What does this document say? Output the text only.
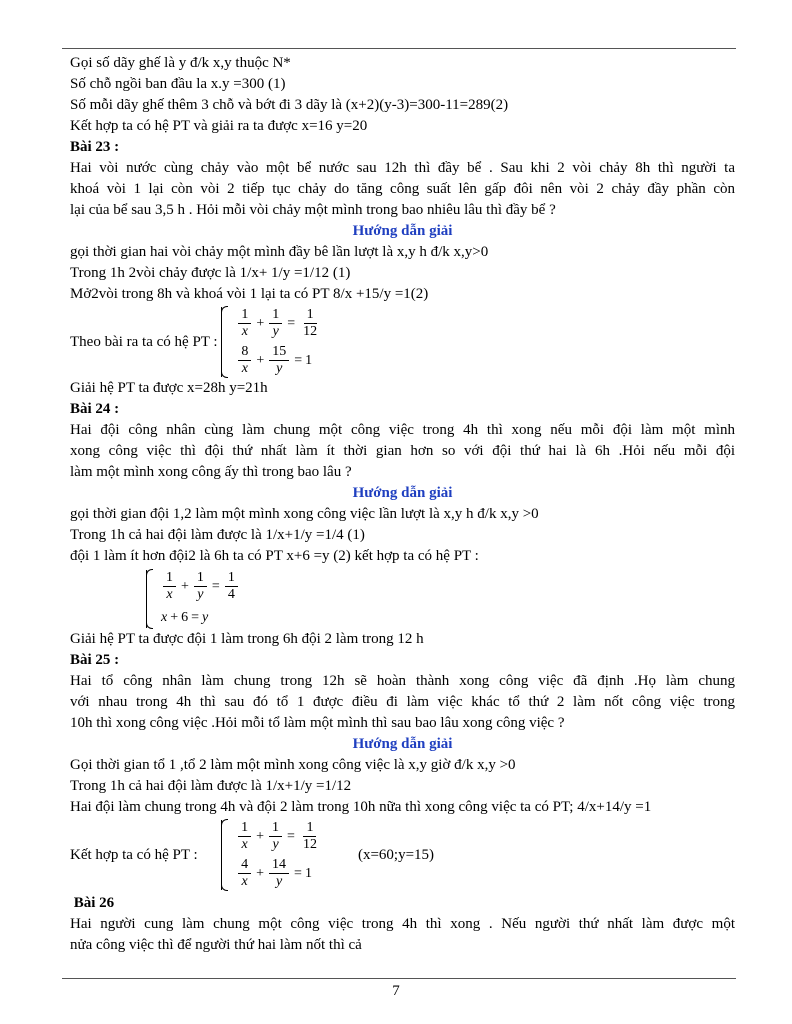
Gọi số dãy ghế là y đ/k x,y thuộc N*

Số chỗ ngồi ban đầu la x.y =300 (1)

Số mỗi dãy ghế thêm 3 chỗ và bớt đi 3 dãy là (x+2)(y-3)=300-11=289(2)

Kết hợp ta có hệ PT và giải ra ta được x=16 y=20

Bài 23 :

Hai vòi nước cùng chảy vào một bể nước sau 12h thì đầy bể . Sau khi 2 vòi chảy 8h thì người ta

khoá vòi 1 lại còn vòi 2 tiếp tục chảy do tăng công suất lên gấp đôi nên vòi 2 chảy đầy phần còn

lại của bể sau 3,5 h . Hỏi mỗi vòi chảy một mình trong bao nhiêu lâu thì đầy bể ?

Hướng dẫn giải

gọi thời gian hai vòi chảy một mình đầy bê lần lượt là x,y h đ/k x,y>0

Trong 1h 2vòi chảy được là 1/x+ 1/y =1/12 (1)

Mở2vòi trong 8h và khoá vòi 1 lại ta có PT 8/x +15/y =1(2)

Theo bài ra ta có hệ PT :
$\frac{1}{x} + \frac{1}{y} = \frac{1}{12}$
$\frac{8}{x} + \frac{15}{y} = 1$

Giải hệ PT ta được x=28h y=21h

Bài 24 :

Hai đội công nhân cùng làm chung một công việc trong 4h thì xong nếu mỗi đội làm một mình

xong công việc thì đội thứ nhất làm ít thời gian hơn so với đội thứ hai là 6h .Hỏi nếu mỗi đội

làm một mình xong công ấy thì trong bao lâu ?

Hướng dẫn giải

gọi thời gian đội 1,2 làm một mình xong công việc lần lượt là x,y h đ/k x,y >0

Trong 1h cả hai đội làm được là 1/x+1/y =1/4 (1)

đội 1 làm ít hơn đội2 là 6h ta có PT x+6 =y (2) kết hợp ta có hệ PT :

$\frac{1}{x} + \frac{1}{y} = \frac{1}{4}$
x + 6 = y

Giải hệ PT ta được đội 1 làm trong 6h đội 2 làm trong 12 h

Bài 25 :

Hai tổ công nhân làm chung trong 12h sẽ hoàn thành xong công việc đã định .Họ làm chung

với nhau trong 4h thì sau đó tổ 1 được điều đi làm việc khác tổ thứ 2 làm nốt công việc trong

10h thì xong công việc .Hỏi mỗi tổ làm một mình thì sau bao lâu xong công việc ?

Hướng dẫn giải

Gọi thời gian tổ 1 ,tổ 2 làm một mình xong công việc là x,y giờ đ/k x,y >0

Trong 1h cả hai đội làm được là 1/x+1/y =1/12

Hai đội làm chung trong 4h và đội 2 làm trong 10h nữa thì xong công việc ta có PT; 4/x+14/y =1

Kết hợp ta có hệ PT :
$\frac{1}{x} + \frac{1}{y} = \frac{1}{12}$
$\frac{4}{x} + \frac{14}{y} = 1$
(x=60;y=15)

Bài 26

Hai người cung làm chung một công việc trong 4h thì xong . Nếu người thứ nhất làm được một

nửa công việc thì để người thứ hai làm nốt thì cả

7
